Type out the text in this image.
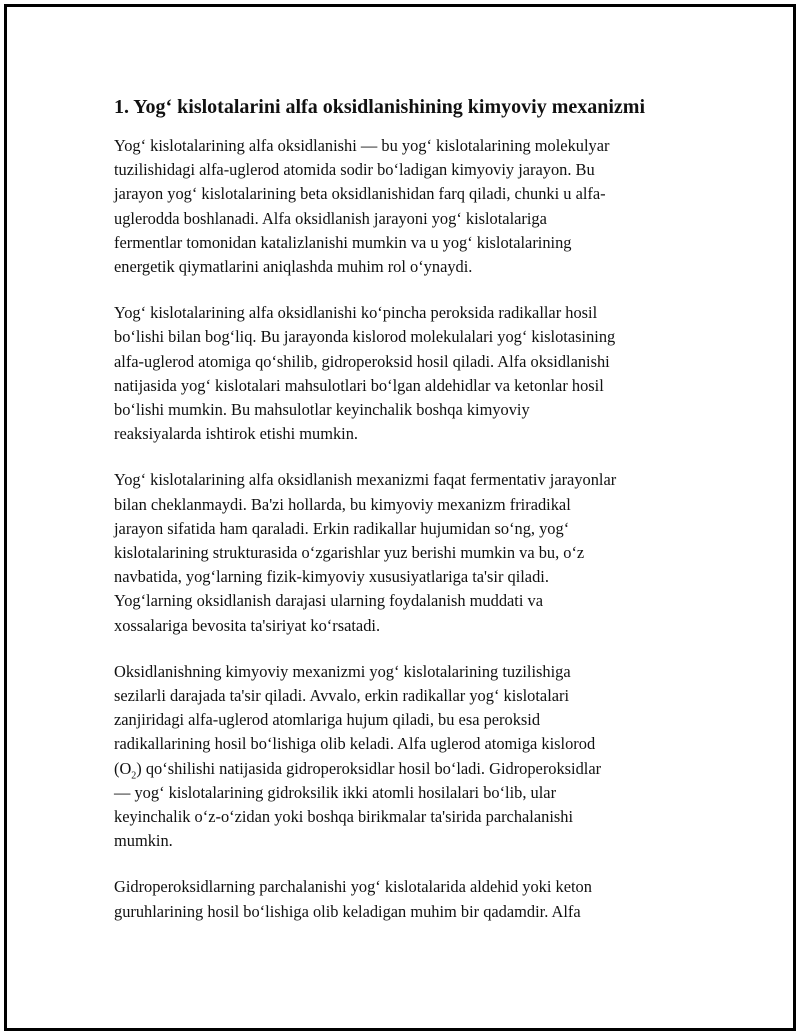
1. Yog‘ kislotalarini alfa oksidlanishining kimyoviy mexanizmi

Yog‘ kislotalarining alfa oksidlanishi — bu yog‘ kislotalarining molekulyar
tuzilishidagi alfa-uglerod atomida sodir bo‘ladigan kimyoviy jarayon. Bu
jarayon yog‘ kislotalarining beta oksidlanishidan farq qiladi, chunki u alfa-
uglerodda boshlanadi. Alfa oksidlanish jarayoni yog‘ kislotalariga
fermentlar tomonidan katalizlanishi mumkin va u yog‘ kislotalarining
energetik qiymatlarini aniqlashda muhim rol o‘ynaydi.

Yog‘ kislotalarining alfa oksidlanishi ko‘pincha peroksida radikallar hosil
bo‘lishi bilan bog‘liq. Bu jarayonda kislorod molekulalari yog‘ kislotasining
alfa-uglerod atomiga qo‘shilib, gidroperoksid hosil qiladi. Alfa oksidlanishi
natijasida yog‘ kislotalari mahsulotlari bo‘lgan aldehidlar va ketonlar hosil
bo‘lishi mumkin. Bu mahsulotlar keyinchalik boshqa kimyoviy
reaksiyalarda ishtirok etishi mumkin.

Yog‘ kislotalarining alfa oksidlanish mexanizmi faqat fermentativ jarayonlar
bilan cheklanmaydi. Ba'zi hollarda, bu kimyoviy mexanizm friradikal
jarayon sifatida ham qaraladi. Erkin radikallar hujumidan so‘ng, yog‘
kislotalarining strukturasida o‘zgarishlar yuz berishi mumkin va bu, o‘z
navbatida, yog‘larning fizik-kimyoviy xususiyatlariga ta'sir qiladi.
Yog‘larning oksidlanish darajasi ularning foydalanish muddati va
xossalariga bevosita ta'siriyat ko‘rsatadi.

Oksidlanishning kimyoviy mexanizmi yog‘ kislotalarining tuzilishiga
sezilarli darajada ta'sir qiladi. Avvalo, erkin radikallar yog‘ kislotalari
zanjiridagi alfa-uglerod atomlariga hujum qiladi, bu esa peroksid
radikallarining hosil bo‘lishiga olib keladi. Alfa uglerod atomiga kislorod
$(O_2)$ qo‘shilishi natijasida gidroperoksidlar hosil bo‘ladi. Gidroperoksidlar
— yog‘ kislotalarining gidroksilik ikki atomli hosilalari bo‘lib, ular
keyinchalik o‘z-o‘zidan yoki boshqa birikmalar ta'sirida parchalanishi
mumkin.

Gidroperoksidlarning parchalanishi yog‘ kislotalarida aldehid yoki keton
guruhlarining hosil bo‘lishiga olib keladigan muhim bir qadamdir. Alfa
